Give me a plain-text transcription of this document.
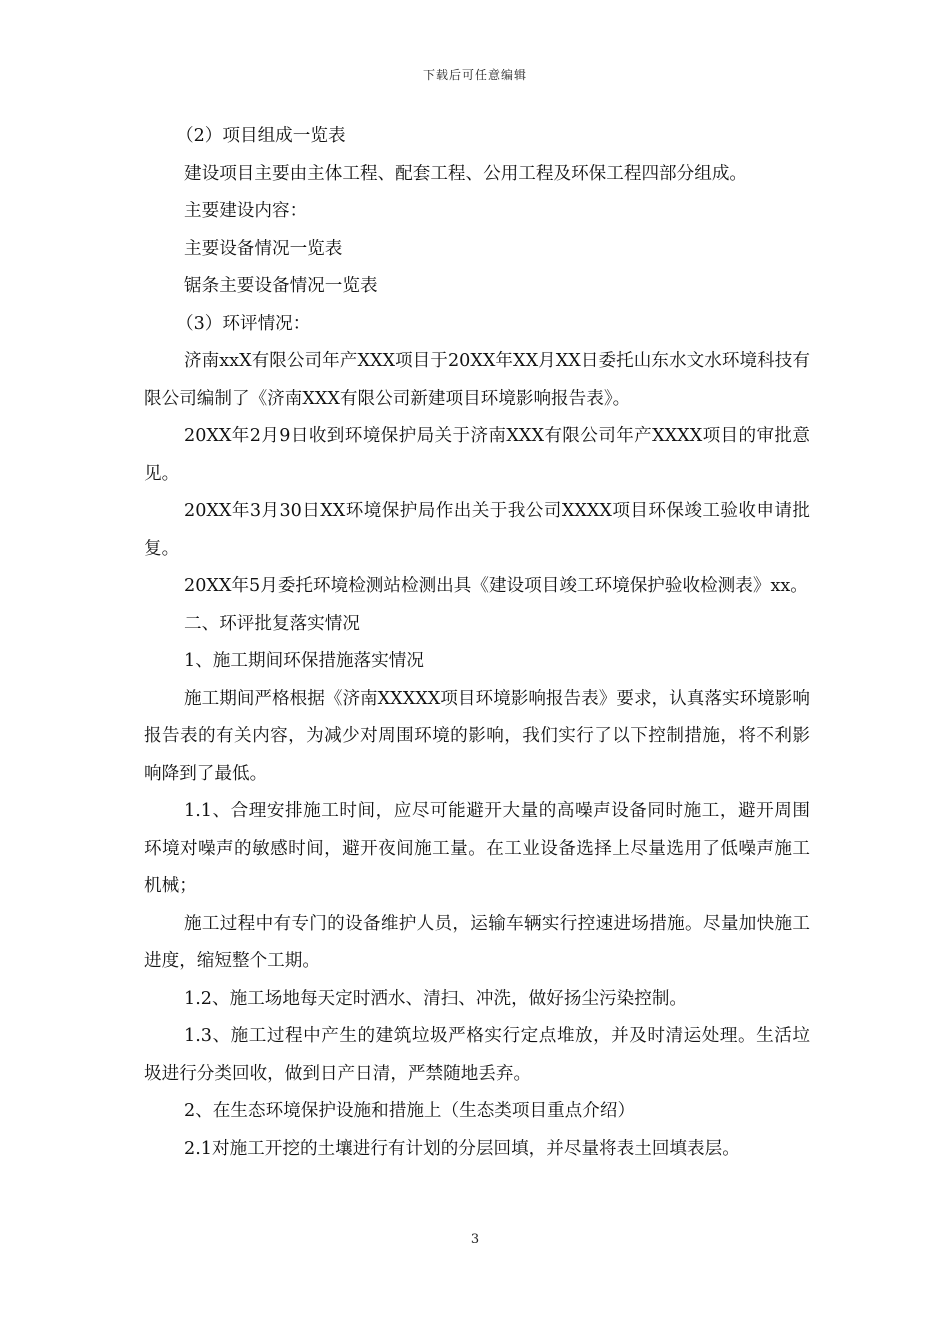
下载后可任意编辑

（2）项目组成一览表

建设项目主要由主体工程、配套工程、公用工程及环保工程四部分组成。

主要建设内容：

主要设备情况一览表

锯条主要设备情况一览表

（3）环评情况：

济南xxX有限公司年产XXX项目于20XX年XX月XX日委托山东水文水环境科技有限公司编制了《济南XXX有限公司新建项目环境影响报告表》。

20XX年2月9日收到环境保护局关于济南XXX有限公司年产XXXX项目的审批意见。

20XX年3月30日XX环境保护局作出关于我公司XXXX项目环保竣工验收申请批复。

20XX年5月委托环境检测站检测出具《建设项目竣工环境保护验收检测表》xx。

二、环评批复落实情况

1、施工期间环保措施落实情况

施工期间严格根据《济南XXXXX项目环境影响报告表》要求，认真落实环境影响报告表的有关内容，为减少对周围环境的影响，我们实行了以下控制措施，将不利影响降到了最低。

1.1、合理安排施工时间，应尽可能避开大量的高噪声设备同时施工，避开周围环境对噪声的敏感时间，避开夜间施工量。在工业设备选择上尽量选用了低噪声施工机械；

施工过程中有专门的设备维护人员，运输车辆实行控速进场措施。尽量加快施工进度，缩短整个工期。

1.2、施工场地每天定时洒水、清扫、冲洗，做好扬尘污染控制。

1.3、施工过程中产生的建筑垃圾严格实行定点堆放，并及时清运处理。生活垃圾进行分类回收，做到日产日清，严禁随地丢弃。

2、在生态环境保护设施和措施上（生态类项目重点介绍）

2.1对施工开挖的土壤进行有计划的分层回填，并尽量将表土回填表层。

3
